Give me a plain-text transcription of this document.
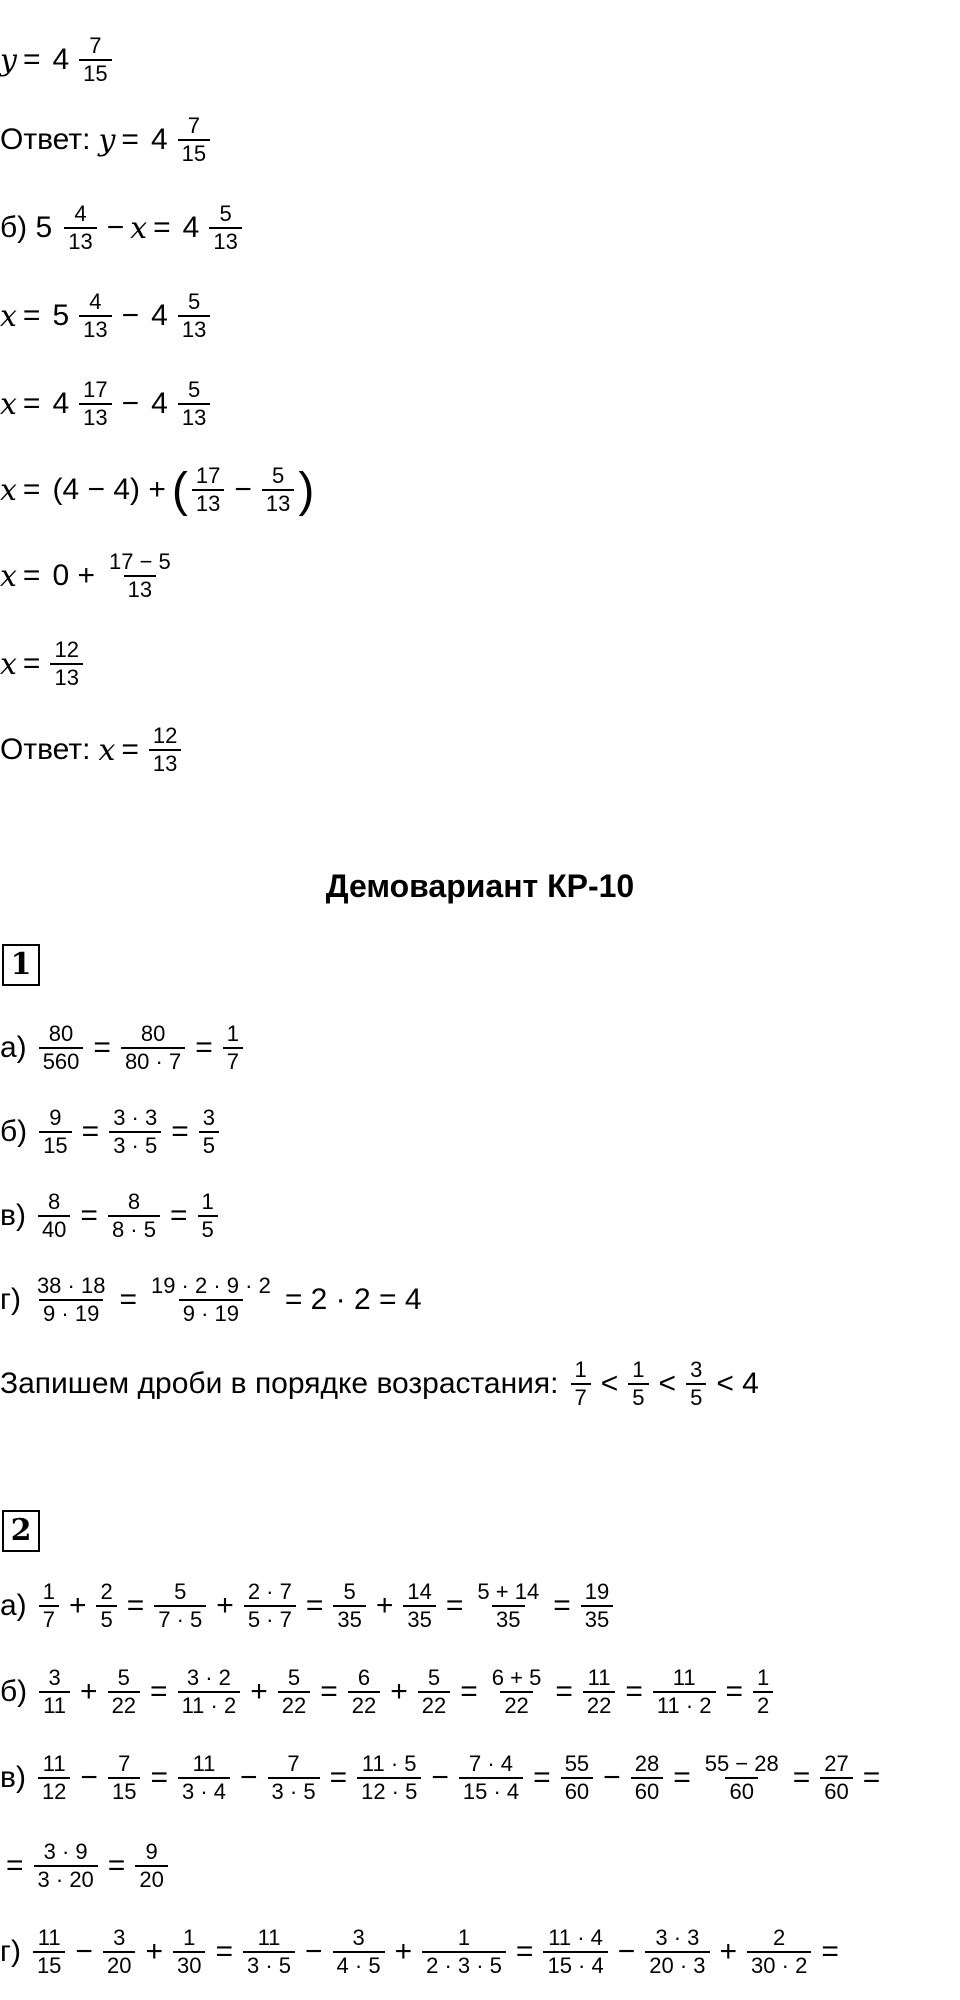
Демовариант КР-10
1
2
$y = 4 \frac{7}{15}$
Ответ: $y = 4 \frac{7}{15}$
б) $5 \frac{4}{13} - x = 4 \frac{5}{13}$
$x = 5 \frac{4}{13} - 4 \frac{5}{13}$
$x = 4 \frac{17}{13} - 4 \frac{5}{13}$
x = (4 − 4) + ( $\frac{17}{13} - \frac{5}{13}$ )
$x = 0 + \frac{17 - 5}{13}$
$x = \frac{12}{13}$
Ответ: $x = \frac{12}{13}$
$а) \frac{80}{560} = \frac{80}{80 \cdot 7} = \frac{1}{7}$
$б) \frac{9}{15} = \frac{3 \cdot 3}{3 \cdot 5} = \frac{3}{5}$
$в) \frac{8}{40} = \frac{8}{8 \cdot 5} = \frac{1}{5}$
$г) \frac{38 \cdot 18}{9 \cdot 19} = \frac{19 \cdot 2 \cdot 9 \cdot 2}{9 \cdot 19} = 2 \cdot 2 = 4$
Запишем дроби в порядке возрастания: $\frac{1}{7} < \frac{1}{5} < \frac{3}{5} < 4$
$а) \frac{1}{7} + \frac{2}{5} = \frac{5}{7 \cdot 5} + \frac{2 \cdot 7}{5 \cdot 7} = \frac{5}{35} + \frac{14}{35} = \frac{5 + 14}{35} = \frac{19}{35}$
$б) \frac{3}{11} + \frac{5}{22} = \frac{3 \cdot 2}{11 \cdot 2} + \frac{5}{22} = \frac{6}{22} + \frac{5}{22} = \frac{6 + 5}{22} = \frac{11}{22} = \frac{11}{11 \cdot 2} = \frac{1}{2}$
$в) \frac{11}{12} - \frac{7}{15} = \frac{11}{3 \cdot 4} - \frac{7}{3 \cdot 5} = \frac{11 \cdot 5}{12 \cdot 5} - \frac{7 \cdot 4}{15 \cdot 4} = \frac{55}{60} - \frac{28}{60} = \frac{55 - 28}{60} = \frac{27}{60}$ =
= $\frac{3 \cdot 9}{3 \cdot 20} = \frac{9}{20}$
$г) \frac{11}{15} - \frac{3}{20} + \frac{1}{30} = \frac{11}{3 \cdot 5} - \frac{3}{4 \cdot 5} + \frac{1}{2 \cdot 3 \cdot 5} = \frac{11 \cdot 4}{15 \cdot 4} - \frac{3 \cdot 3}{20 \cdot 3} + \frac{2}{30 \cdot 2}$ =
